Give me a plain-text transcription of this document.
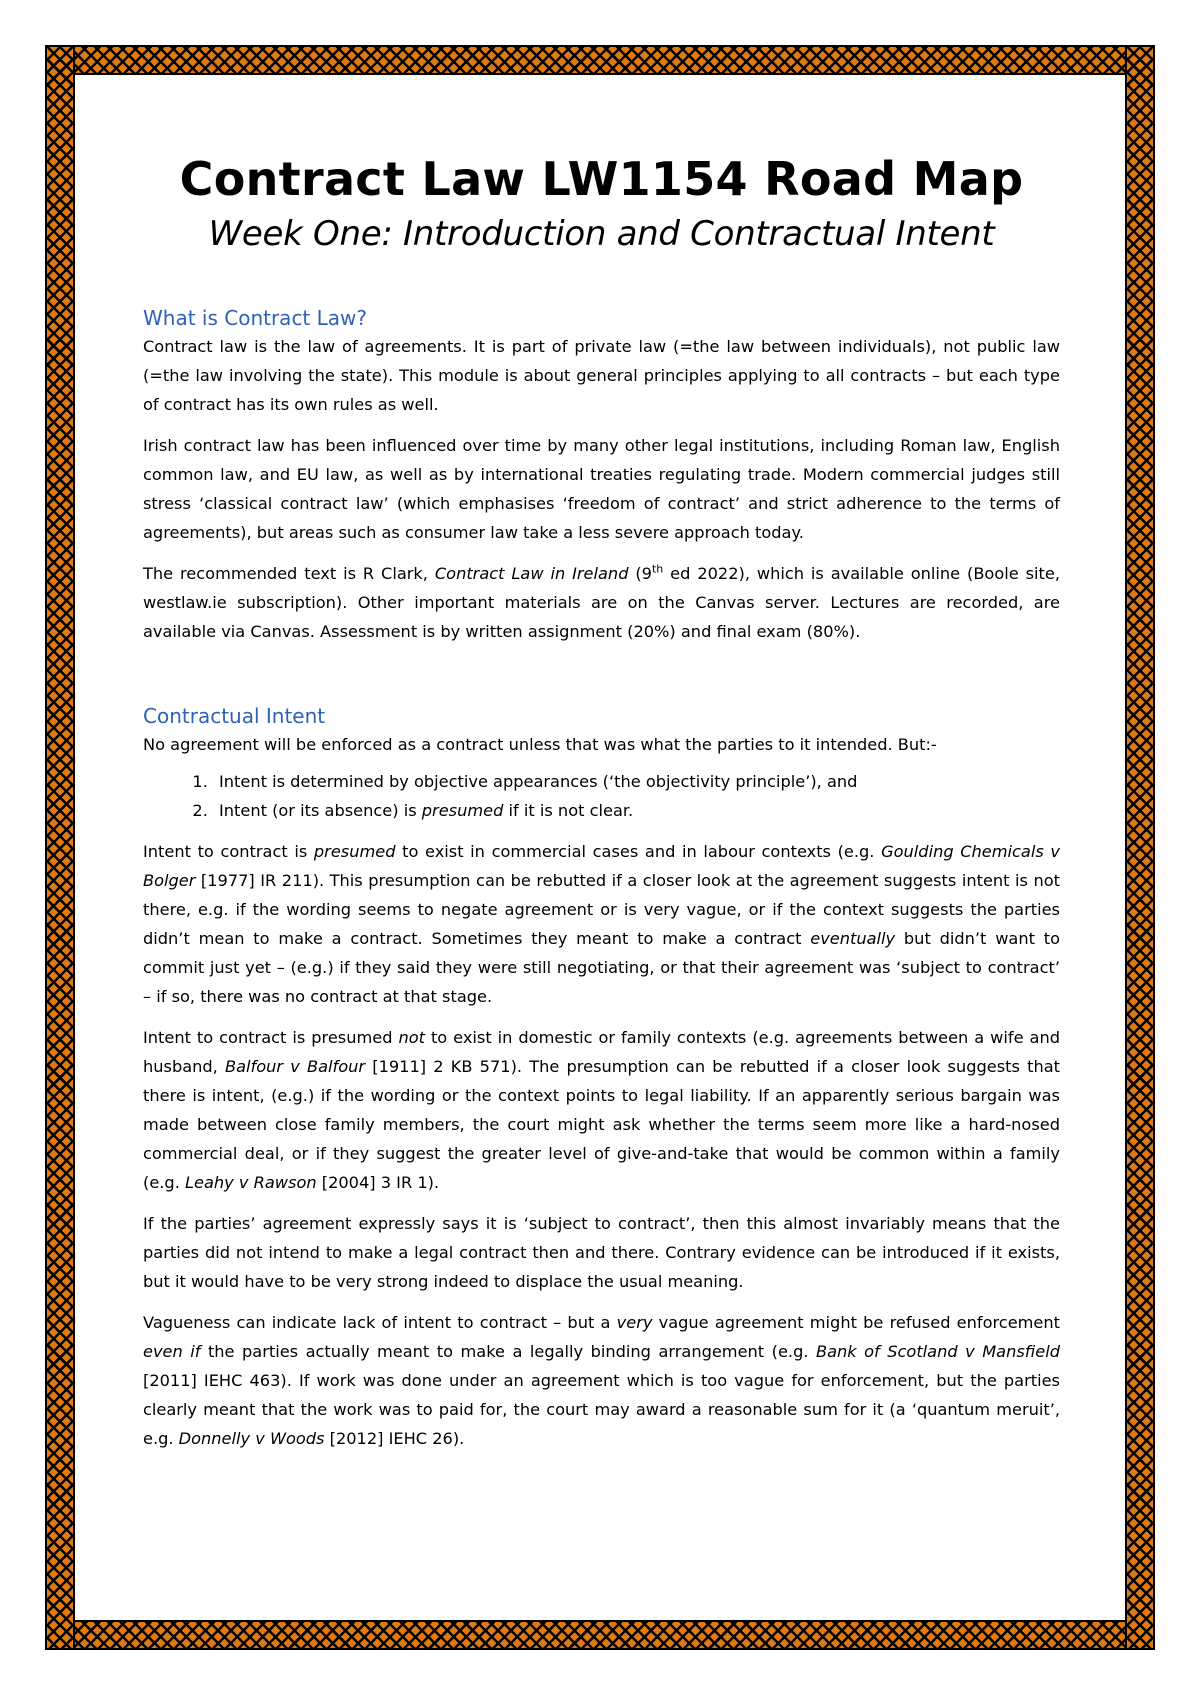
Contract Law LW1154 Road Map
Week One: Introduction and Contractual Intent
What is Contract Law?

Contract law is the law of agreements. It is part of private law (=the law between individuals), not public law (=the law involving the state). This module is about general principles applying to all contracts – but each type of contract has its own rules as well.

Irish contract law has been influenced over time by many other legal institutions, including Roman law, English common law, and EU law, as well as by international treaties regulating trade. Modern commercial judges still stress ‘classical contract law’ (which emphasises ‘freedom of contract’ and strict adherence to the terms of agreements), but areas such as consumer law take a less severe approach today.

The recommended text is R Clark, Contract Law in Ireland (9th ed 2022), which is available online (Boole site, westlaw.ie subscription). Other important materials are on the Canvas server. Lectures are recorded, are available via Canvas. Assessment is by written assignment (20%) and final exam (80%).

Contractual Intent

No agreement will be enforced as a contract unless that was what the parties to it intended. But:-

1. Intent is determined by objective appearances (‘the objectivity principle’), and
2. Intent (or its absence) is presumed if it is not clear.

Intent to contract is presumed to exist in commercial cases and in labour contexts (e.g. Goulding Chemicals v Bolger [1977] IR 211). This presumption can be rebutted if a closer look at the agreement suggests intent is not there, e.g. if the wording seems to negate agreement or is very vague, or if the context suggests the parties didn’t mean to make a contract. Sometimes they meant to make a contract eventually but didn’t want to commit just yet – (e.g.) if they said they were still negotiating, or that their agreement was ‘subject to contract’ – if so, there was no contract at that stage.

Intent to contract is presumed not to exist in domestic or family contexts (e.g. agreements between a wife and husband, Balfour v Balfour [1911] 2 KB 571). The presumption can be rebutted if a closer look suggests that there is intent, (e.g.) if the wording or the context points to legal liability. If an apparently serious bargain was made between close family members, the court might ask whether the terms seem more like a hard-nosed commercial deal, or if they suggest the greater level of give-and-take that would be common within a family (e.g. Leahy v Rawson [2004] 3 IR 1).

If the parties’ agreement expressly says it is ‘subject to contract’, then this almost invariably means that the parties did not intend to make a legal contract then and there. Contrary evidence can be introduced if it exists, but it would have to be very strong indeed to displace the usual meaning.

Vagueness can indicate lack of intent to contract – but a very vague agreement might be refused enforcement even if the parties actually meant to make a legally binding arrangement (e.g. Bank of Scotland v Mansfield [2011] IEHC 463). If work was done under an agreement which is too vague for enforcement, but the parties clearly meant that the work was to paid for, the court may award a reasonable sum for it (a ‘quantum meruit’, e.g. Donnelly v Woods [2012] IEHC 26).
